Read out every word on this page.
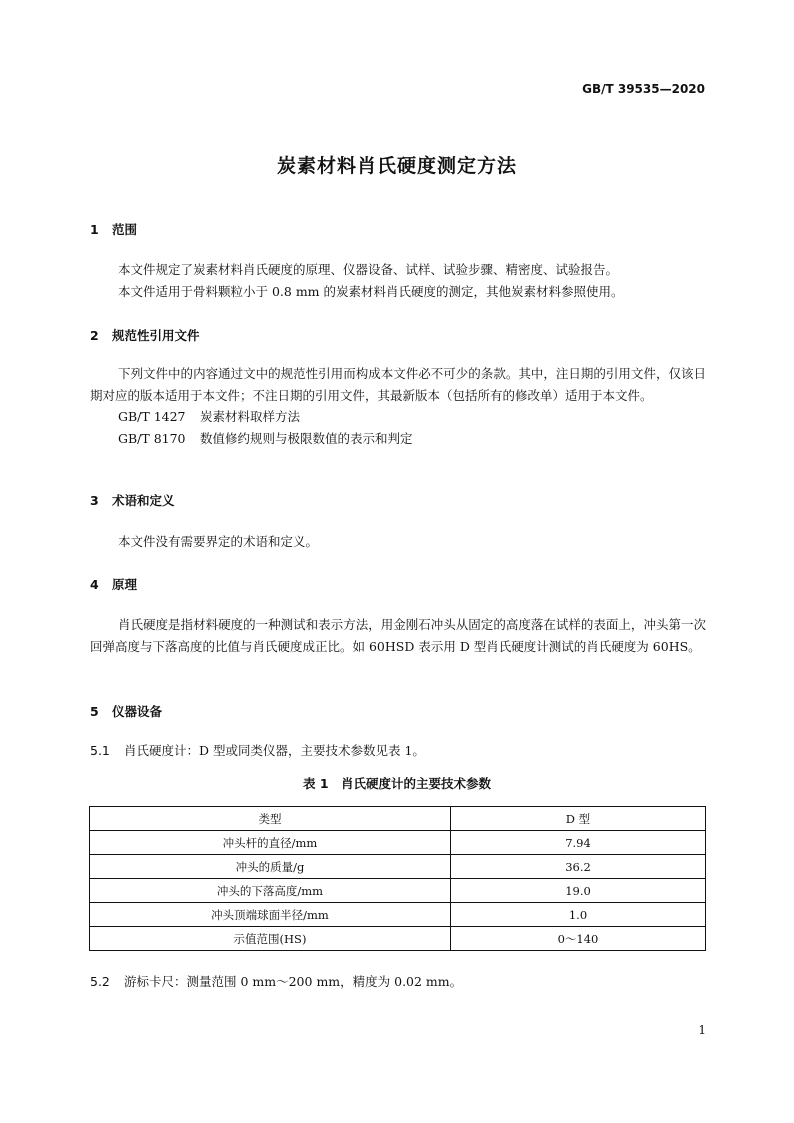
GB/T 39535—2020
炭素材料肖氏硬度测定方法
1 范围
本文件规定了炭素材料肖氏硬度的原理、仪器设备、试样、试验步骤、精密度、试验报告。
本文件适用于骨料颗粒小于 0.8 mm 的炭素材料肖氏硬度的测定，其他炭素材料参照使用。
2 规范性引用文件
下列文件中的内容通过文中的规范性引用而构成本文件必不可少的条款。其中，注日期的引用文件，仅该日期对应的版本适用于本文件；不注日期的引用文件，其最新版本（包括所有的修改单）适用于本文件。
GB/T 1427 炭素材料取样方法
GB/T 8170 数值修约规则与极限数值的表示和判定
3 术语和定义
本文件没有需要界定的术语和定义。
4 原理
肖氏硬度是指材料硬度的一种测试和表示方法，用金刚石冲头从固定的高度落在试样的表面上，冲头第一次回弹高度与下落高度的比值与肖氏硬度成正比。如 60HSD 表示用 D 型肖氏硬度计测试的肖氏硬度为 60HS。
5 仪器设备
5.1 肖氏硬度计：D 型或同类仪器，主要技术参数见表 1。
表 1　肖氏硬度计的主要技术参数
类型	D 型
冲头杆的直径/mm	7.94
冲头的质量/g	36.2
冲头的下落高度/mm	19.0
冲头顶端球面半径/mm	1.0
示值范围(HS)	0～140
5.2 游标卡尺：测量范围 0 mm～200 mm，精度为 0.02 mm。
1
